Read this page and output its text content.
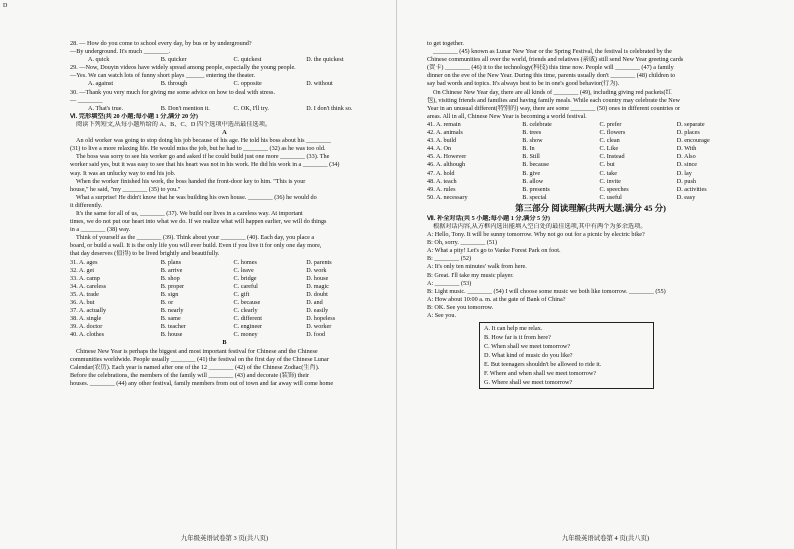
D
28. — How do you come to school every day, by bus or by underground?
—By underground. It's much ________.
A. quick	B. quicker	C. quickest	D. the quickest
29. —Now, Douyin videos have widely spread among people, especially the young people.
—Yes. We can watch lots of funny short plays ______ entering the theater.
A. against	B. through	C. opposite	D. without
30. —Thank you very much for giving me some advice on how to deal with stress.
— ________
A. That's true.	B. Don't mention it.	C. OK, I'll try.	D. I don't think so.
Ⅵ. 完形填空(共 20 小题;每小题 1 分,满分 20 分)
阅读下列短文,从每小题所给的 A、B、C、D 四个选项中选出最佳选项。
A
An old worker was going to stop doing his job because of his age. He told his boss about his ________
(31) to live a more relaxing life. He would miss the job, but he had to ________ (32) as he was too old.
The boss was sorry to see his worker go and asked if he could build just one more ________ (33). The
worker said yes, but it was easy to see that his heart was not in his work. He did his work in a ________ (34)
way. It was an unlucky way to end his job.
When the worker finished his work, the boss handed the front-door key to him. "This is your
house," he said, "my ________ (35) to you."
What a surprise! He didn't know that he was building his own house. ________ (36) he would do
it differently.
It's the same for all of us, ________ (37). We build our lives in a careless way. At important
times, we do not put our heart into what we do. If we realize what will happen earlier, we will do things
in a ________ (38) way.
Think of yourself as the ________ (39). Think about your ________ (40). Each day, you place a
board, or build a wall. It is the only life you will ever build. Even if you live it for only one day more,
that day deserves (值得) to be lived brightly and beautifully.
31. A. ages	B. plans	C. homes	D. parents
32. A. get	B. arrive	C. leave	D. work
33. A. camp	B. shop	C. bridge	D. house
34. A. careless	B. proper	C. careful	D. magic
35. A. trade	B. sign	C. gift	D. doubt
36. A. but	B. or	C. because	D. and
37. A. actually	B. nearly	C. clearly	D. easily
38. A. single	B. same	C. different	D. hopeless
39. A. doctor	B. teacher	C. engineer	D. worker
40. A. clothes	B. house	C. money	D. food
B
Chinese New Year is perhaps the biggest and most important festival for Chinese and the Chinese
communities worldwide. People usually ________ (41) the festival on the first day of the Chinese Lunar
Calendar(农历). Each year is named after one of the 12 ________ (42) of the Chinese Zodiac(生肖).
Before the celebrations, the members of the family will ________ (43) and decorate (装饰) their
houses. ________ (44) any other festival, family members from out of town and far away will come home
九年级英语试卷第 3 页(共八页)
to get together.
________ (45) known as Lunar New Year or the Spring Festival, the festival is celebrated by the
Chinese communities all over the world, friends and relatives (亲戚) still send New Year greeting cards
(贺卡) ________ (46) it to the technology(科技) this time now. People will ________ (47) a family
dinner on the eve of the New Year. During this time, parents usually don't ________ (48) children to
say bad words and topics. It's always best to be in one's good behavior(行为).
On Chinese New Year day, there are all kinds of ________ (49), including giving red packets(红
包), visiting friends and families and having family meals. While each country may celebrate the New
Year in an unusual different(特别的) way, there are some ________ (50) ones in different countries or
areas. All in all, Chinese New Year is becoming a world festival.
41. A. remain	B. celebrate	C. prefer	D. separate
42. A. animals	B. trees	C. flowers	D. places
43. A. build	B. show	C. clean	D. encourage
44. A. On	B. In	C. Like	D. With
45. A. However	B. Still	C. Instead	D. Also
46. A. although	B. because	C. but	D. since
47. A. hold	B. give	C. take	D. lay
48. A. teach	B. allow	C. invite	D. push
49. A. rules	B. presents	C. speeches	D. activities
50. A. necessary	B. special	C. useful	D. easy
第三部分 阅读理解(共两大题;满分 45 分)
Ⅶ. 补全对话(共 5 小题;每小题 1 分,满分 5 分)
根据对话内容,从方框内选出能填入空白处的最佳选项,其中有两个为多余选项。
A: Hello, Tony. It will be sunny tomorrow. Why not go out for a picnic by electric bike?
B: Oh, sorry. ________ (51)
A: What a pity! Let's go to Vanke Forest Park on foot.
B: ________ (52)
A: It's only ten minutes' walk from here.
B: Great. I'll take my music player.
A: ________ (53)
B: Light music. ________ (54) I will choose some music we both like tomorrow. ________ (55)
A: How about 10:00 a. m. at the gate of Bank of China?
B: OK. See you tomorrow.
A: See you.
A. It can help me relax.
B. How far is it from here?
C. When shall we meet tomorrow?
D. What kind of music do you like?
E. But teenagers shouldn't be allowed to ride it.
F. Where and when shall we meet tomorrow?
G. Where shall we meet tomorrow?
九年级英语试卷第 4 页(共八页)
